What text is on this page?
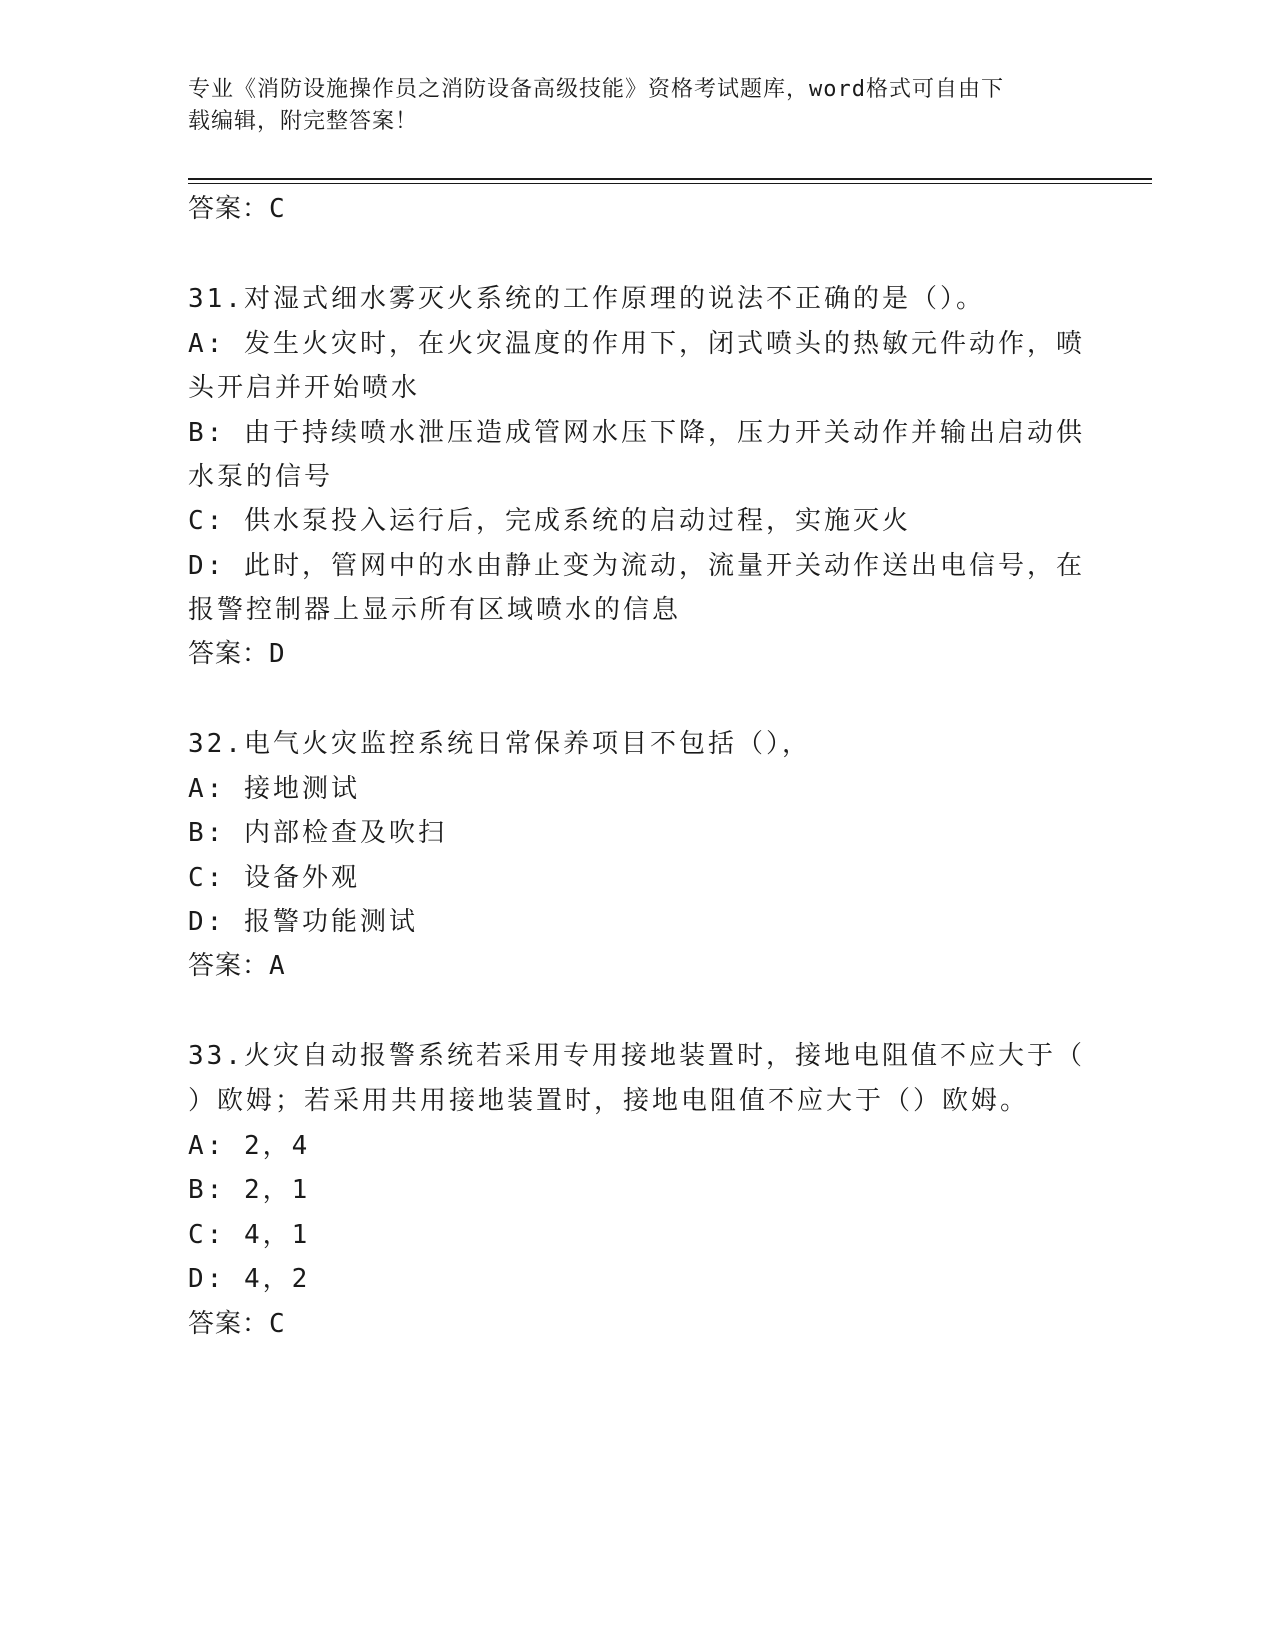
专业《消防设施操作员之消防设备高级技能》资格考试题库，word格式可自由下
载编辑，附完整答案！
答案：C
31.对湿式细水雾灭火系统的工作原理的说法不正确的是（）。
A: 发生火灾时，在火灾温度的作用下，闭式喷头的热敏元件动作，喷
头开启并开始喷水
B: 由于持续喷水泄压造成管网水压下降，压力开关动作并输出启动供
水泵的信号
C: 供水泵投入运行后，完成系统的启动过程，实施灭火
D: 此时，管网中的水由静止变为流动，流量开关动作送出电信号，在
报警控制器上显示所有区域喷水的信息
答案：D
32.电气火灾监控系统日常保养项目不包括（），
A: 接地测试
B: 内部检查及吹扫
C: 设备外观
D: 报警功能测试
答案：A
33.火灾自动报警系统若采用专用接地装置时，接地电阻值不应大于（
）欧姆；若采用共用接地装置时，接地电阻值不应大于（）欧姆。
A: 2，4
B: 2，1
C: 4，1
D: 4，2
答案：C
